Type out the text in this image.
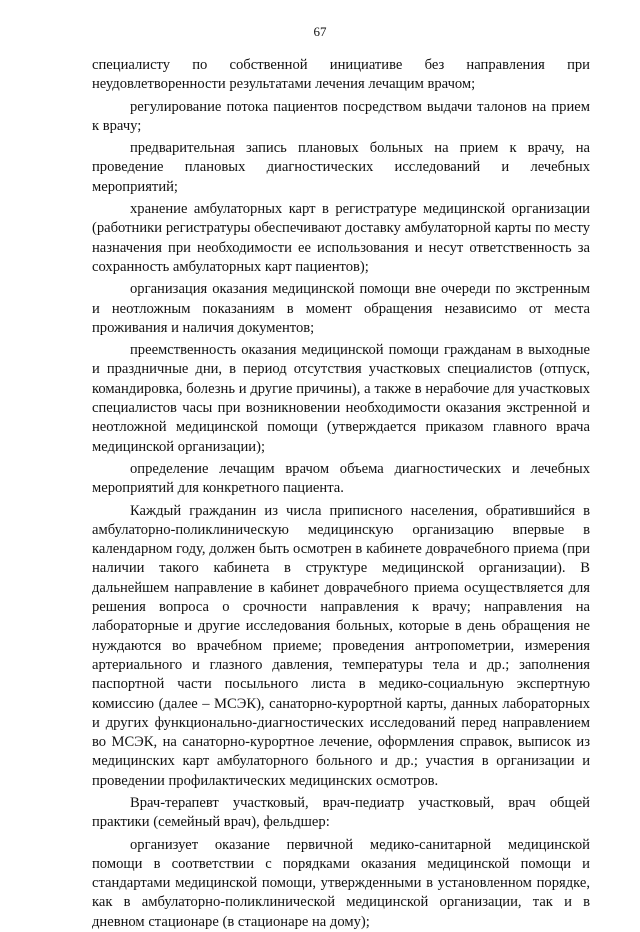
67

специалисту по собственной инициативе без направления при неудовлетворенности результатами лечения лечащим врачом;

регулирование потока пациентов посредством выдачи талонов на прием к врачу;

предварительная запись плановых больных на прием к врачу, на проведение плановых диагностических исследований и лечебных мероприятий;

хранение амбулаторных карт в регистратуре медицинской организации (работники регистратуры обеспечивают доставку амбулаторной карты по месту назначения при необходимости ее использования и несут ответственность за сохранность амбулаторных карт пациентов);

организация оказания медицинской помощи вне очереди по экстренным и неотложным показаниям в момент обращения независимо от места проживания и наличия документов;

преемственность оказания медицинской помощи гражданам в выходные и праздничные дни, в период отсутствия участковых специалистов (отпуск, командировка, болезнь и другие причины), а также в нерабочие для участковых специалистов часы при возникновении необходимости оказания экстренной и неотложной медицинской помощи (утверждается приказом главного врача медицинской организации);

определение лечащим врачом объема диагностических и лечебных мероприятий для конкретного пациента.

Каждый гражданин из числа приписного населения, обратившийся в амбулаторно-поликлиническую медицинскую организацию впервые в календарном году, должен быть осмотрен в кабинете доврачебного приема (при наличии такого кабинета в структуре медицинской организации). В дальнейшем направление в кабинет доврачебного приема осуществляется для решения вопроса о срочности направления к врачу; направления на лабораторные и другие исследования больных, которые в день обращения не нуждаются во врачебном приеме; проведения антропометрии, измерения артериального и глазного давления, температуры тела и др.; заполнения паспортной части посыльного листа в медико-социальную экспертную комиссию (далее – МСЭК), санаторно-курортной карты, данных лабораторных и других функционально-диагностических исследований перед направлением во МСЭК, на санаторно-курортное лечение, оформления справок, выписок из медицинских карт амбулаторного больного и др.; участия в организации и проведении профилактических медицинских осмотров.

Врач-терапевт участковый, врач-педиатр участковый, врач общей практики (семейный врач), фельдшер:

организует оказание первичной медико-санитарной медицинской помощи в соответствии с порядками оказания медицинской помощи и стандартами медицинской помощи, утвержденными в установленном порядке, как в амбулаторно-поликлинической медицинской организации, так и в дневном стационаре (в стационаре на дому);
